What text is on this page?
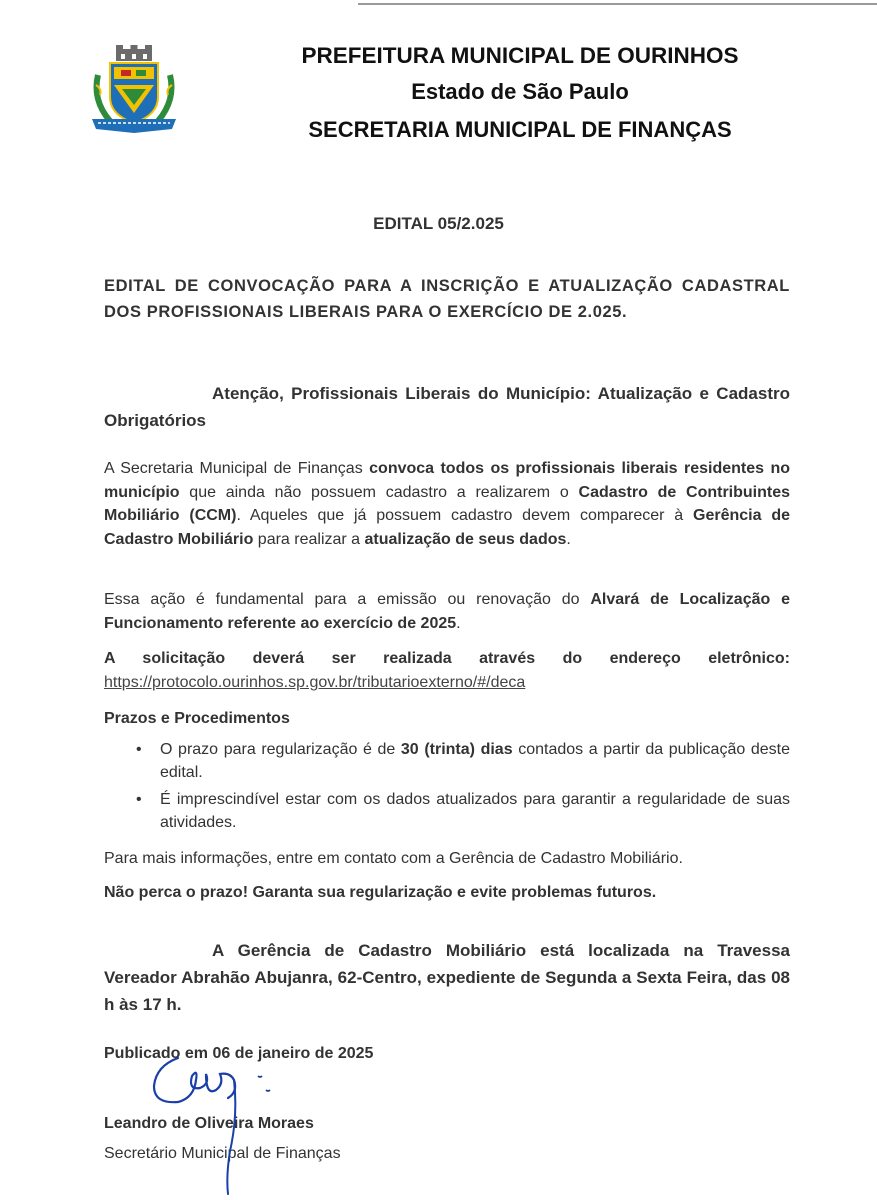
PREFEITURA MUNICIPAL DE OURINHOS
Estado de São Paulo
SECRETARIA MUNICIPAL DE FINANÇAS
EDITAL 05/2.025
EDITAL DE CONVOCAÇÃO PARA A INSCRIÇÃO E ATUALIZAÇÃO CADASTRAL DOS PROFISSIONAIS LIBERAIS PARA O EXERCÍCIO DE 2.025.
Atenção, Profissionais Liberais do Município: Atualização e Cadastro Obrigatórios
A Secretaria Municipal de Finanças convoca todos os profissionais liberais residentes no município que ainda não possuem cadastro a realizarem o Cadastro de Contribuintes Mobiliário (CCM). Aqueles que já possuem cadastro devem comparecer à Gerência de Cadastro Mobiliário para realizar a atualização de seus dados.
Essa ação é fundamental para a emissão ou renovação do Alvará de Localização e Funcionamento referente ao exercício de 2025.
A solicitação deverá ser realizada através do endereço eletrônico:
https://protocolo.ourinhos.sp.gov.br/tributarioexterno/#/deca
Prazos e Procedimentos
• O prazo para regularização é de 30 (trinta) dias contados a partir da publicação deste edital.
• É imprescindível estar com os dados atualizados para garantir a regularidade de suas atividades.
Para mais informações, entre em contato com a Gerência de Cadastro Mobiliário.
Não perca o prazo! Garanta sua regularização e evite problemas futuros.
A Gerência de Cadastro Mobiliário está localizada na Travessa Vereador Abrahão Abujanra, 62-Centro, expediente de Segunda a Sexta Feira, das 08 h às 17 h.
Publicado em 06 de janeiro de 2025
Leandro de Oliveira Moraes
Secretário Municipal de Finanças
